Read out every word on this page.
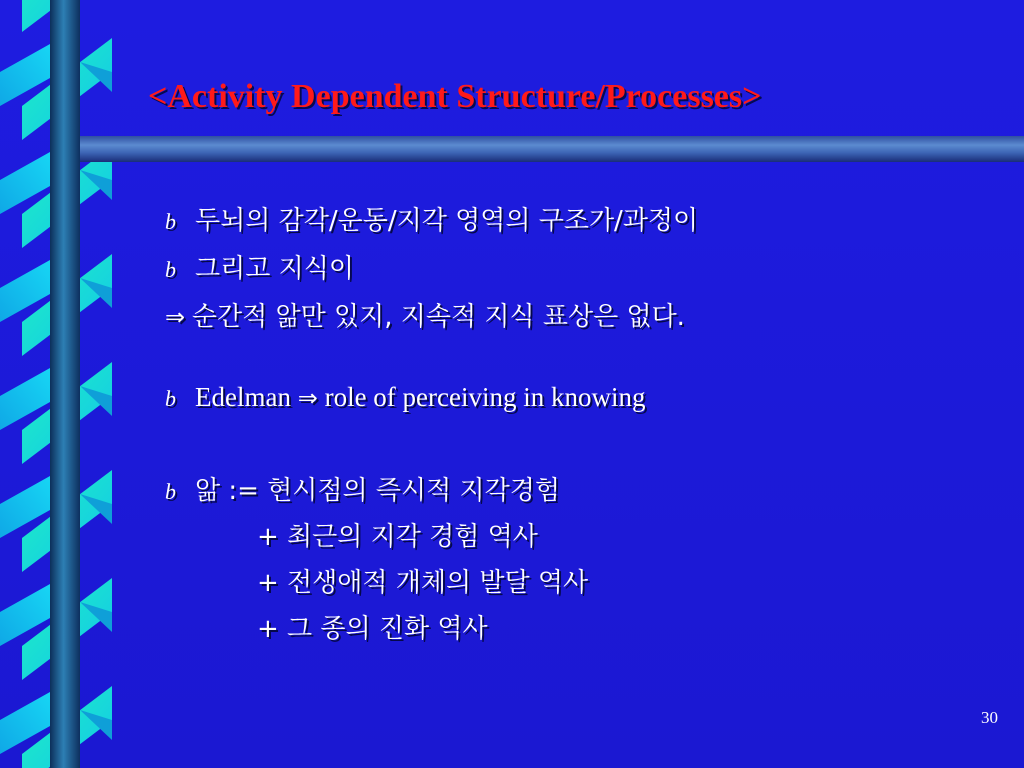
<Activity Dependent Structure/Processes>
b 두뇌의 감각/운동/지각 영역의 구조가/과정이
b 그리고 지식이
⇒ 순간적 앎만 있지, 지속적 지식 표상은 없다.
b Edelman ⇒ role of perceiving in knowing
b 앎 := 현시점의 즉시적 지각경험
+ 최근의 지각 경험 역사
+ 전생애적 개체의 발달 역사
+ 그 종의 진화 역사
30
